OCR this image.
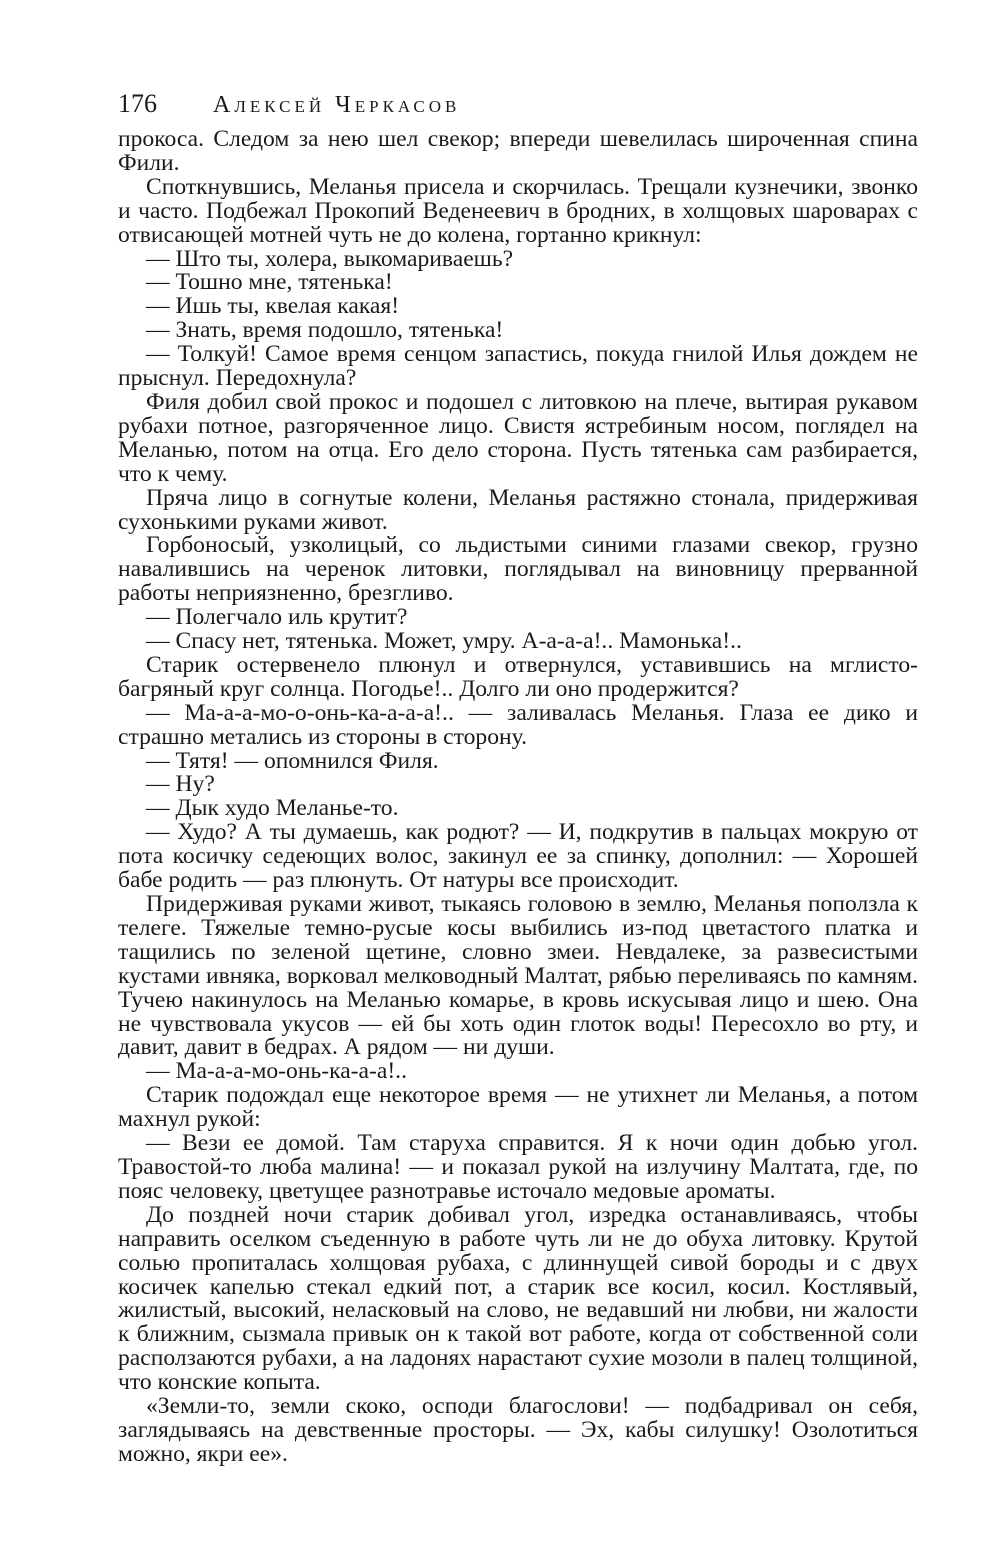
176	Алексей Черкасов

прокоса. Следом за нею шел свекор; впереди шевелилась широченная спина Фили.

Споткнувшись, Меланья присела и скорчилась. Трещали кузнечики, звонко и часто. Подбежал Прокопий Веденеевич в бродних, в холщовых шароварах с отвисающей мотней чуть не до колена, гортанно крикнул:

— Што ты, холера, выкомариваешь?

— Тошно мне, тятенька!

— Ишь ты, квелая какая!

— Знать, время подошло, тятенька!

— Толкуй! Самое время сенцом запастись, покуда гнилой Илья дождем не прыснул. Передохнула?

Филя добил свой прокос и подошел с литовкою на плече, вытирая рукавом рубахи потное, разгоряченное лицо. Свистя ястребиным носом, поглядел на Меланью, потом на отца. Его дело сторона. Пусть тятенька сам разбирается, что к чему.

Пряча лицо в согнутые колени, Меланья растяжно стонала, придерживая сухонькими руками живот.

Горбоносый, узколицый, со льдистыми синими глазами свекор, грузно навалившись на черенок литовки, поглядывал на виновницу прерванной работы неприязненно, брезгливо.

— Полегчало иль крутит?

— Спасу нет, тятенька. Может, умру. А-а-а-а!.. Мамонька!..

Старик остервенело плюнул и отвернулся, уставившись на мглисто-багряный круг солнца. Погодье!.. Долго ли оно продержится?

— Ма-а-а-мо-о-онь-ка-а-а-а!.. — заливалась Меланья. Глаза ее дико и страшно метались из стороны в сторону.

— Тятя! — опомнился Филя.

— Ну?

— Дык худо Меланье-то.

— Худо? А ты думаешь, как родют? — И, подкрутив в пальцах мокрую от пота косичку седеющих волос, закинул ее за спинку, дополнил: — Хорошей бабе родить — раз плюнуть. От натуры все происходит.

Придерживая руками живот, тыкаясь головою в землю, Меланья поползла к телеге. Тяжелые темно-русые косы выбились из-под цветастого платка и тащились по зеленой щетине, словно змеи. Невдалеке, за развесистыми кустами ивняка, воркoвал мелководный Малтат, рябью переливаясь по камням. Тучею накинулось на Меланью комарье, в кровь искусывая лицо и шею. Она не чувствовала укусов — ей бы хоть один глоток воды! Пересохло во рту, и давит, давит в бедрах. А рядом — ни души.

— Ма-а-а-мо-онь-ка-а-а!..

Старик подождал еще некоторое время — не утихнет ли Меланья, а потом махнул рукой:

— Вези ее домой. Там старуха справится. Я к ночи один добью угол. Травостой-то люба малина! — и показал рукой на излучину Малтата, где, по пояс человеку, цветущее разнотравье источало медовые ароматы.

До поздней ночи старик добивал угол, изредка останавливаясь, чтобы направить оселком съеденную в работе чуть ли не до обуха литовку. Крутой солью пропиталась холщовая рубаха, с длиннущей сивой бороды и с двух косичек капелью стекал едкий пот, а старик все косил, косил. Костлявый, жилистый, высокий, неласковый на слово, не ведавший ни любви, ни жалости к ближним, сызмала привык он к такой вот работе, когда от собственной соли расползаются рубахи, а на ладонях нарастают сухие мозоли в палец толщиной, что конские копыта.

«Земли-то, земли скоко, осподи благослови! — подбадривал он себя, заглядываясь на девственные просторы. — Эх, кабы силушку! Озолотиться можно, якри ее».
